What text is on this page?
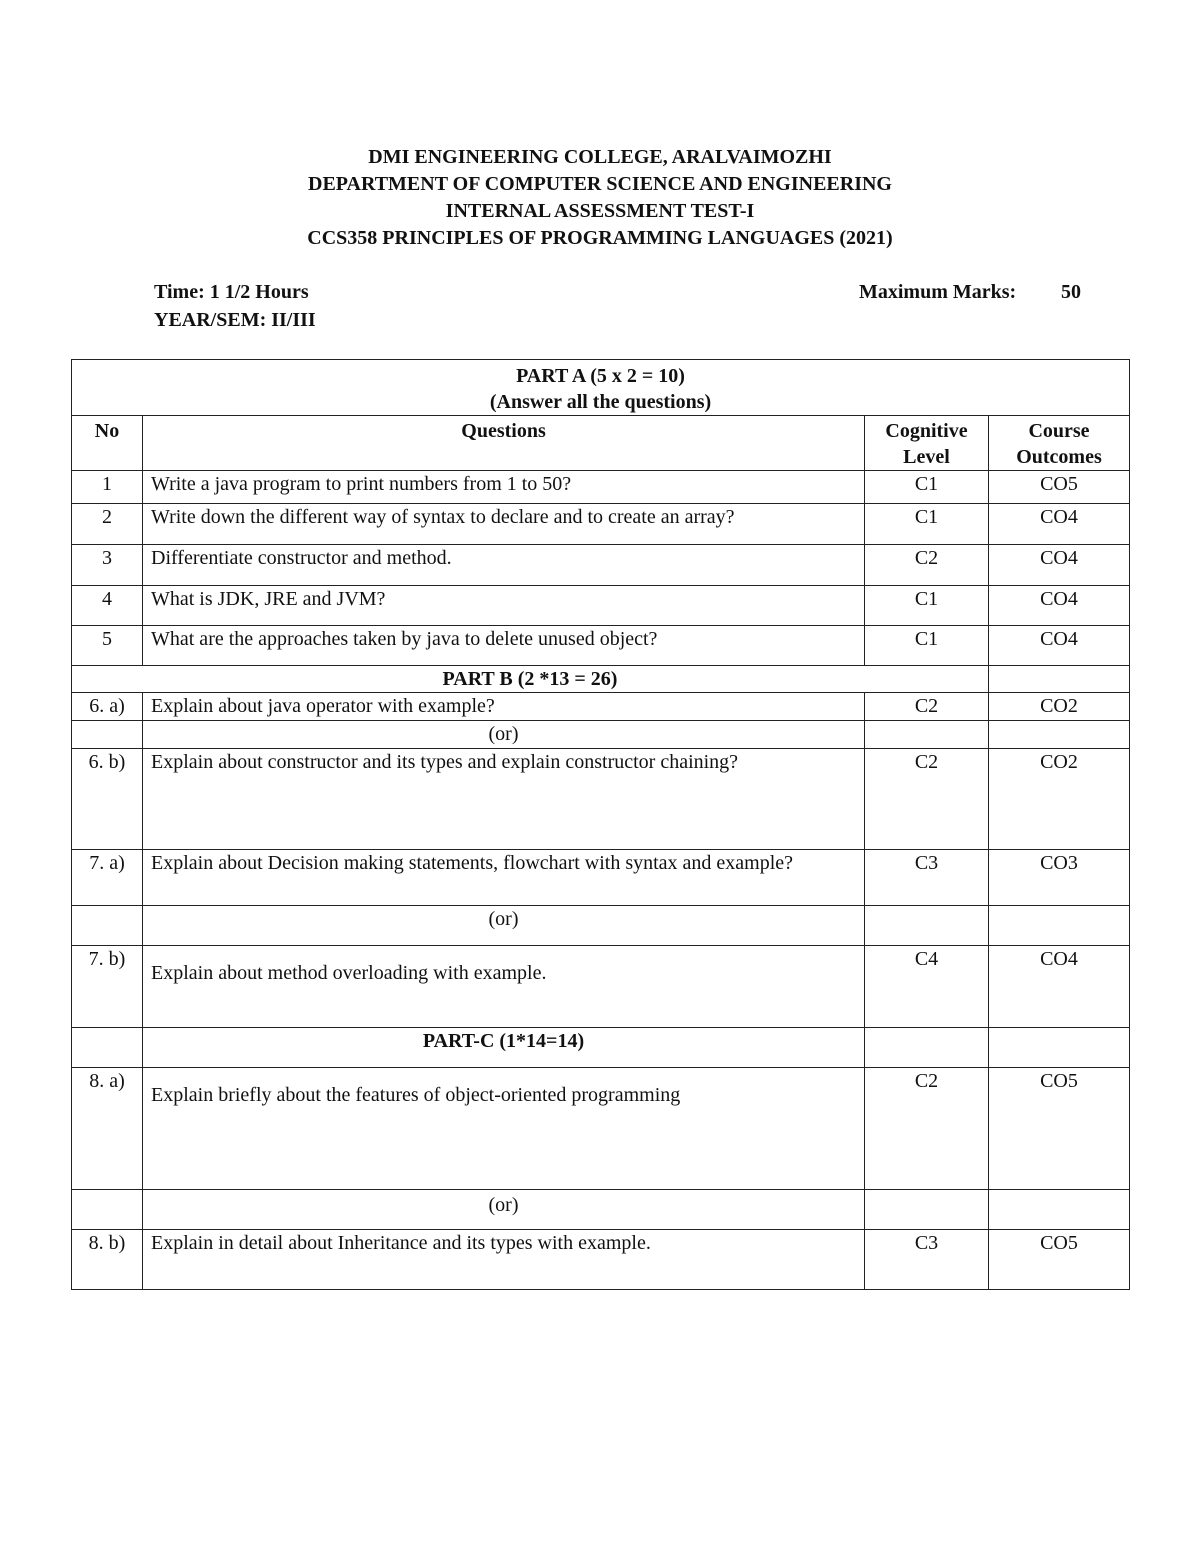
DMI ENGINEERING COLLEGE, ARALVAIMOZHI
DEPARTMENT OF COMPUTER SCIENCE AND ENGINEERING
INTERNAL ASSESSMENT TEST-I
CCS358 PRINCIPLES OF PROGRAMMING LANGUAGES (2021)
Time: 1 1/2 Hours	Maximum Marks: 50
YEAR/SEM: II/III
PART A (5 x 2 = 10)
(Answer all the questions)			

No	Questions	Cognitive Level	Course Outcomes
1	Write a java program to print numbers from 1 to 50?	C1	CO5
2	Write down the different way of syntax to declare and to create an array?	C1	CO4
3	Differentiate constructor and method.	C2	CO4
4	What is JDK, JRE and JVM?	C1	CO4
5	What are the approaches taken by java to delete unused object?	C1	CO4
PART B (2 *13 = 26)			
6. a)	Explain about java operator with example?	C2	CO2
	(or)		
6. b)	Explain about constructor and its types and explain constructor chaining?	C2	CO2
7. a)	Explain about Decision making statements, flowchart with syntax and example?	C3	CO3
	(or)		
7. b)	Explain about method overloading with example.	C4	CO4
	PART-C (1*14=14)		
8. a)	Explain briefly about the features of object-oriented programming	C2	CO5
	(or)		
8. b)	Explain in detail about Inheritance and its types with example.	C3	CO5
